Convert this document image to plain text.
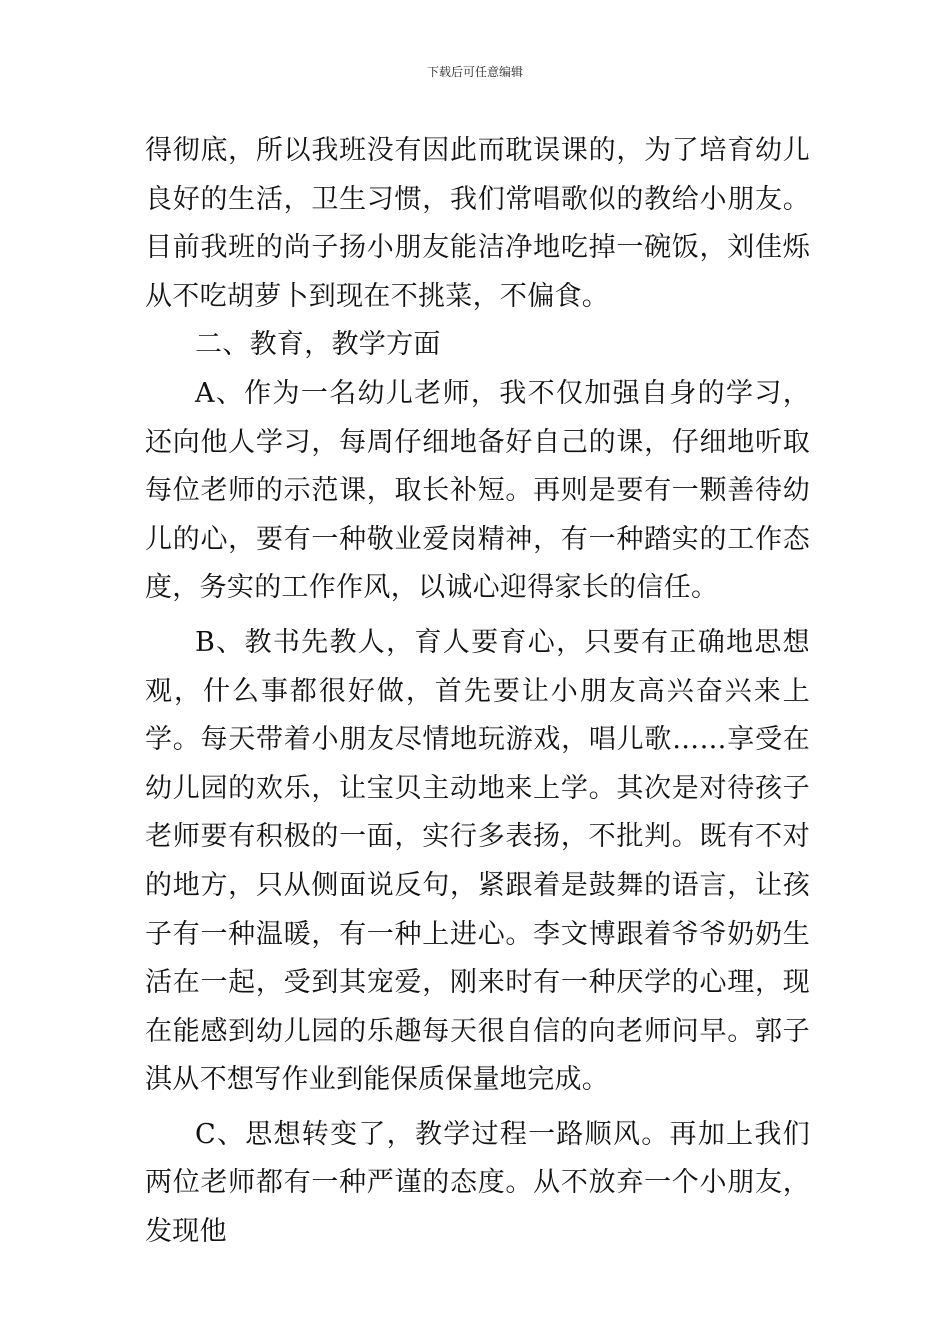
下载后可任意编辑

得彻底，所以我班没有因此而耽误课的，为了培育幼儿良好的生活，卫生习惯，我们常唱歌似的教给小朋友。目前我班的尚子扬小朋友能洁净地吃掉一碗饭，刘佳烁从不吃胡萝卜到现在不挑菜，不偏食。

二、教育，教学方面

A、作为一名幼儿老师，我不仅加强自身的学习，还向他人学习，每周仔细地备好自己的课，仔细地听取每位老师的示范课，取长补短。再则是要有一颗善待幼儿的心，要有一种敬业爱岗精神，有一种踏实的工作态度，务实的工作作风，以诚心迎得家长的信任。

B、教书先教人，育人要育心，只要有正确地思想观，什么事都很好做，首先要让小朋友高兴奋兴来上学。每天带着小朋友尽情地玩游戏，唱儿歌……享受在幼儿园的欢乐，让宝贝主动地来上学。其次是对待孩子老师要有积极的一面，实行多表扬，不批判。既有不对的地方，只从侧面说反句，紧跟着是鼓舞的语言，让孩子有一种温暖，有一种上进心。李文博跟着爷爷奶奶生活在一起，受到其宠爱，刚来时有一种厌学的心理，现在能感到幼儿园的乐趣每天很自信的向老师问早。郭子淇从不想写作业到能保质保量地完成。

C、思想转变了，教学过程一路顺风。再加上我们两位老师都有一种严谨的态度。从不放弃一个小朋友，发现他
